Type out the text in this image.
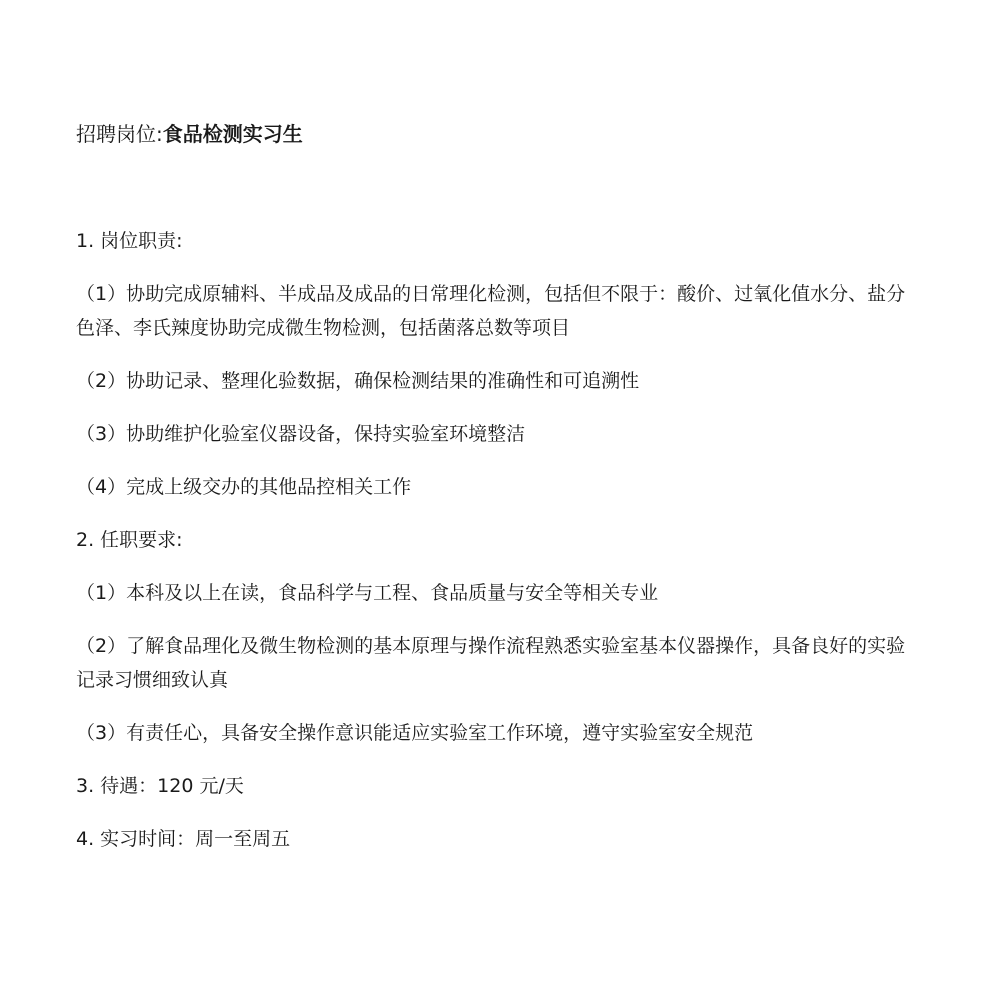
招聘岗位:食品检测实习生

1. 岗位职责:

（1）协助完成原辅料、半成品及成品的日常理化检测，包括但不限于：酸价、过氧化值水分、盐分色泽、李氏辣度协助完成微生物检测，包括菌落总数等项目

（2）协助记录、整理化验数据，确保检测结果的准确性和可追溯性

（3）协助维护化验室仪器设备，保持实验室环境整洁

（4）完成上级交办的其他品控相关工作

2. 任职要求:

（1）本科及以上在读，食品科学与工程、食品质量与安全等相关专业

（2）了解食品理化及微生物检测的基本原理与操作流程熟悉实验室基本仪器操作，具备良好的实验记录习惯细致认真

（3）有责任心，具备安全操作意识能适应实验室工作环境，遵守实验室安全规范

3. 待遇：120 元/天

4. 实习时间：周一至周五
